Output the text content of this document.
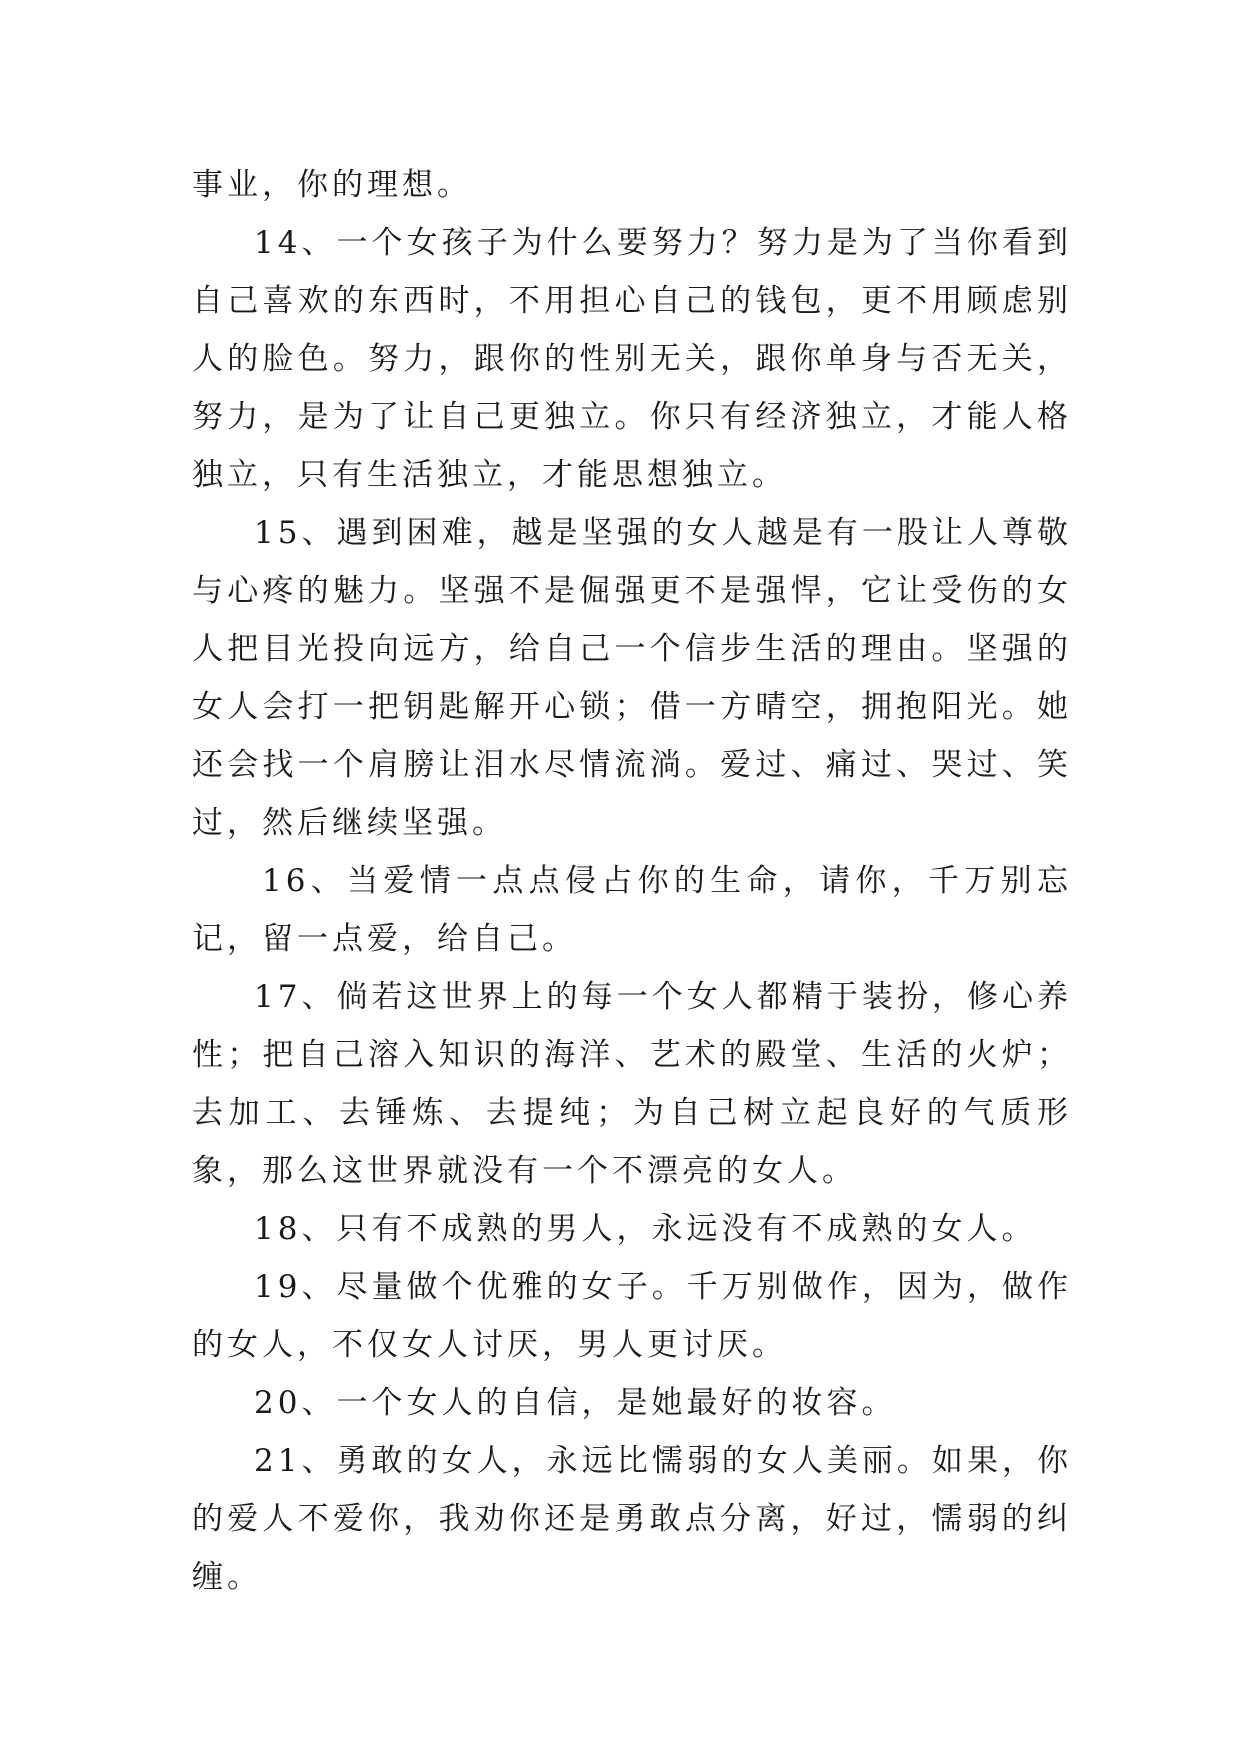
事业，你的理想。

14、一个女孩子为什么要努力？努力是为了当你看到自己喜欢的东西时，不用担心自己的钱包，更不用顾虑别人的脸色。努力，跟你的性别无关，跟你单身与否无关，努力，是为了让自己更独立。你只有经济独立，才能人格独立，只有生活独立，才能思想独立。

15、遇到困难，越是坚强的女人越是有一股让人尊敬与心疼的魅力。坚强不是倔强更不是强悍，它让受伤的女人把目光投向远方，给自己一个信步生活的理由。坚强的女人会打一把钥匙解开心锁；借一方晴空，拥抱阳光。她还会找一个肩膀让泪水尽情流淌。爱过、痛过、哭过、笑过，然后继续坚强。

16、当爱情一点点侵占你的生命，请你，千万别忘记，留一点爱，给自己。

17、倘若这世界上的每一个女人都精于装扮，修心养性；把自己溶入知识的海洋、艺术的殿堂、生活的火炉；去加工、去锤炼、去提纯；为自己树立起良好的气质形象，那么这世界就没有一个不漂亮的女人。

18、只有不成熟的男人，永远没有不成熟的女人。

19、尽量做个优雅的女子。千万别做作，因为，做作的女人，不仅女人讨厌，男人更讨厌。

20、一个女人的自信，是她最好的妆容。

21、勇敢的女人，永远比懦弱的女人美丽。如果，你的爱人不爱你，我劝你还是勇敢点分离，好过，懦弱的纠缠。
